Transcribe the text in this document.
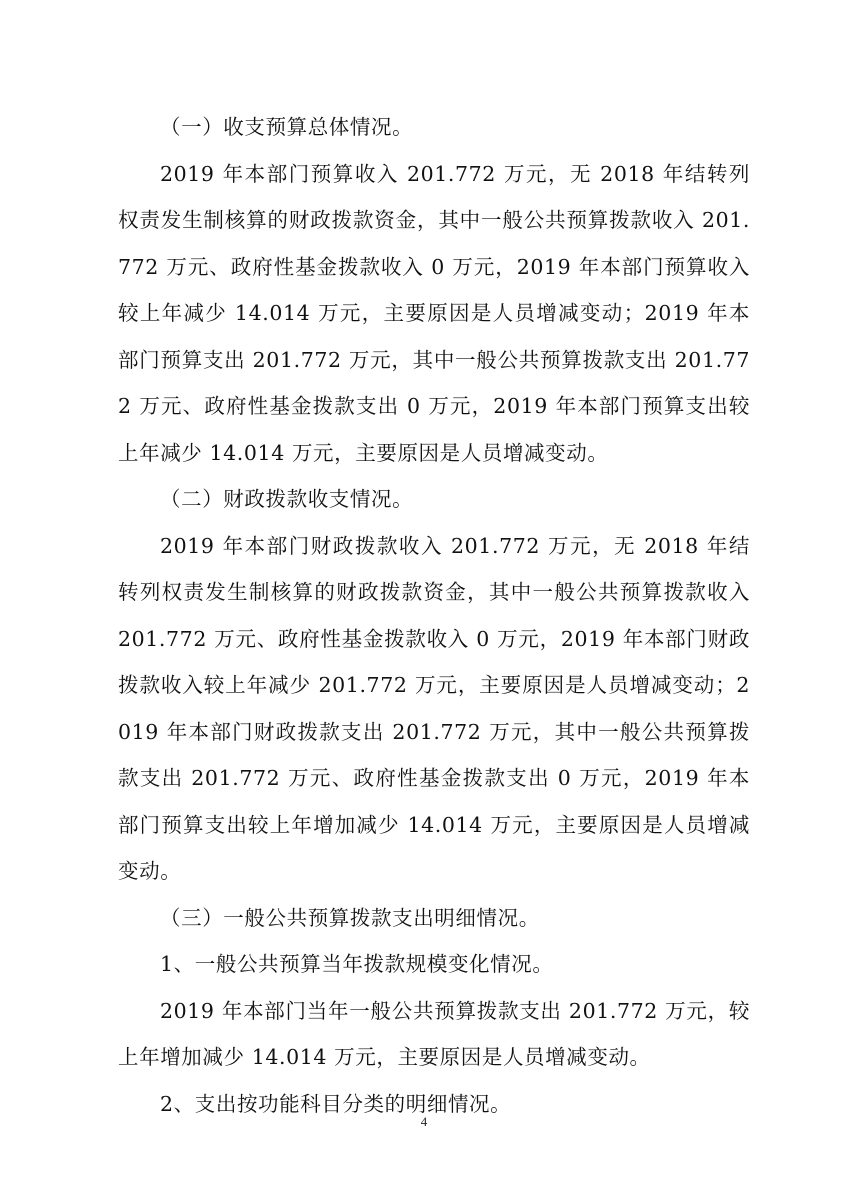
（一）收支预算总体情况。

2019 年本部门预算收入 201.772 万元，无 2018 年结转列权责发生制核算的财政拨款资金，其中一般公共预算拨款收入 201.772 万元、政府性基金拨款收入 0 万元，2019 年本部门预算收入较上年减少 14.014 万元，主要原因是人员增减变动；2019 年本部门预算支出 201.772 万元，其中一般公共预算拨款支出 201.772 万元、政府性基金拨款支出 0 万元，2019 年本部门预算支出较上年减少 14.014 万元，主要原因是人员增减变动。

（二）财政拨款收支情况。

2019 年本部门财政拨款收入 201.772 万元，无 2018 年结转列权责发生制核算的财政拨款资金，其中一般公共预算拨款收入 201.772 万元、政府性基金拨款收入 0 万元，2019 年本部门财政拨款收入较上年减少 201.772 万元，主要原因是人员增减变动；2019 年本部门财政拨款支出 201.772 万元，其中一般公共预算拨款支出 201.772 万元、政府性基金拨款支出 0 万元，2019 年本部门预算支出较上年增加减少 14.014 万元，主要原因是人员增减变动。

（三）一般公共预算拨款支出明细情况。

1、一般公共预算当年拨款规模变化情况。

2019 年本部门当年一般公共预算拨款支出 201.772 万元，较上年增加减少 14.014 万元，主要原因是人员增减变动。

2、支出按功能科目分类的明细情况。

4
